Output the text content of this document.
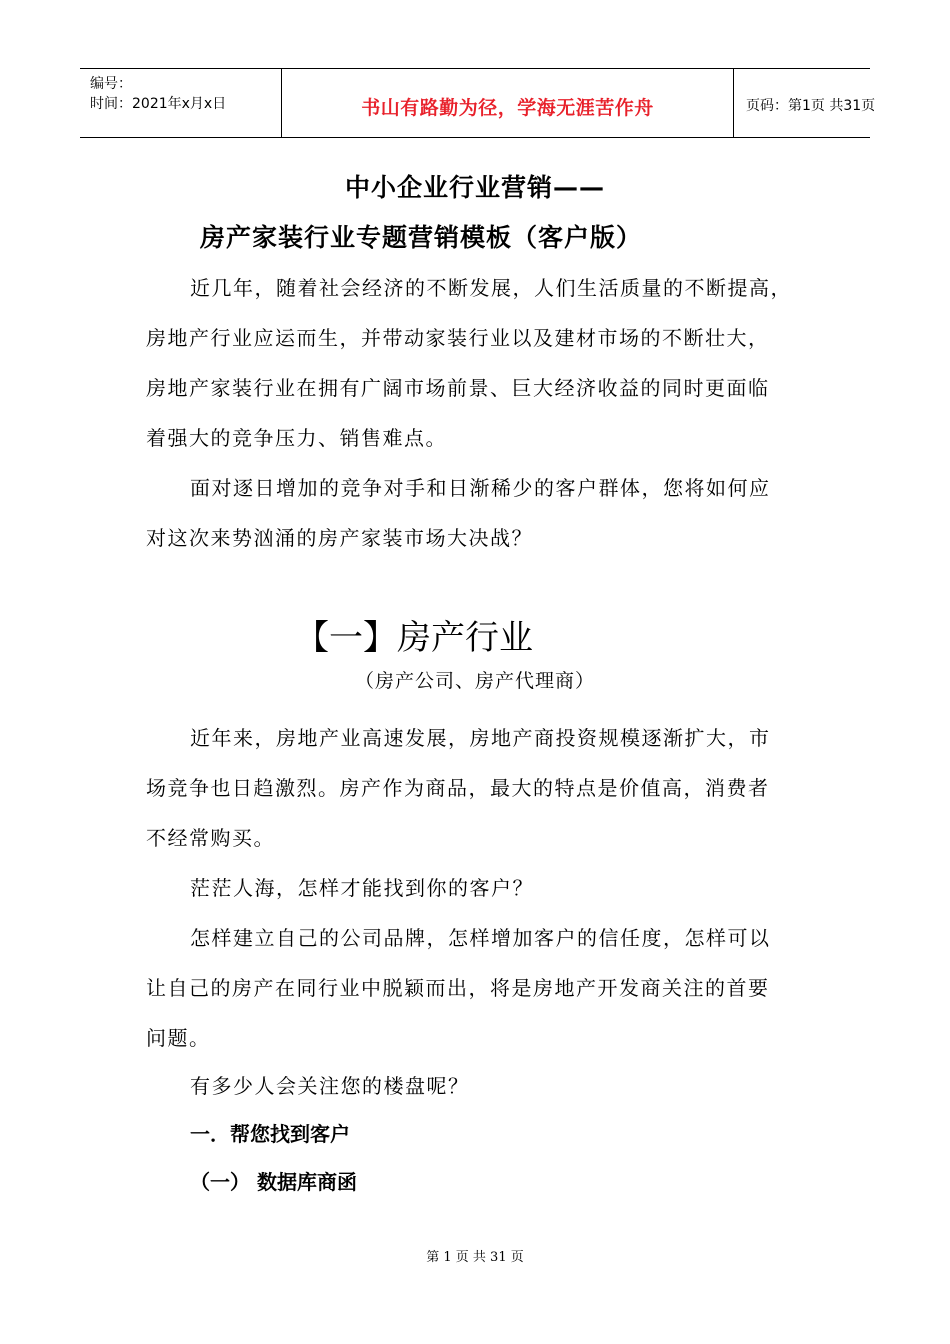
编号：
时间：2021年x月x日	书山有路勤为径，学海无涯苦作舟	页码：第1页 共31页
中小企业行业营销——
房产家装行业专题营销模板（客户版）
近几年，随着社会经济的不断发展，人们生活质量的不断提高，
房地产行业应运而生，并带动家装行业以及建材市场的不断壮大，
房地产家装行业在拥有广阔市场前景、巨大经济收益的同时更面临
着强大的竞争压力、销售难点。
面对逐日增加的竞争对手和日渐稀少的客户群体，您将如何应
对这次来势汹涌的房产家装市场大决战？
【一】房产行业
（房产公司、房产代理商）
近年来，房地产业高速发展，房地产商投资规模逐渐扩大，市
场竞争也日趋激烈。房产作为商品，最大的特点是价值高，消费者
不经常购买。
茫茫人海，怎样才能找到你的客户？
怎样建立自己的公司品牌，怎样增加客户的信任度，怎样可以
让自己的房产在同行业中脱颖而出，将是房地产开发商关注的首要
问题。
有多少人会关注您的楼盘呢？
一．帮您找到客户
（一） 数据库商函
第 1 页 共 31 页
